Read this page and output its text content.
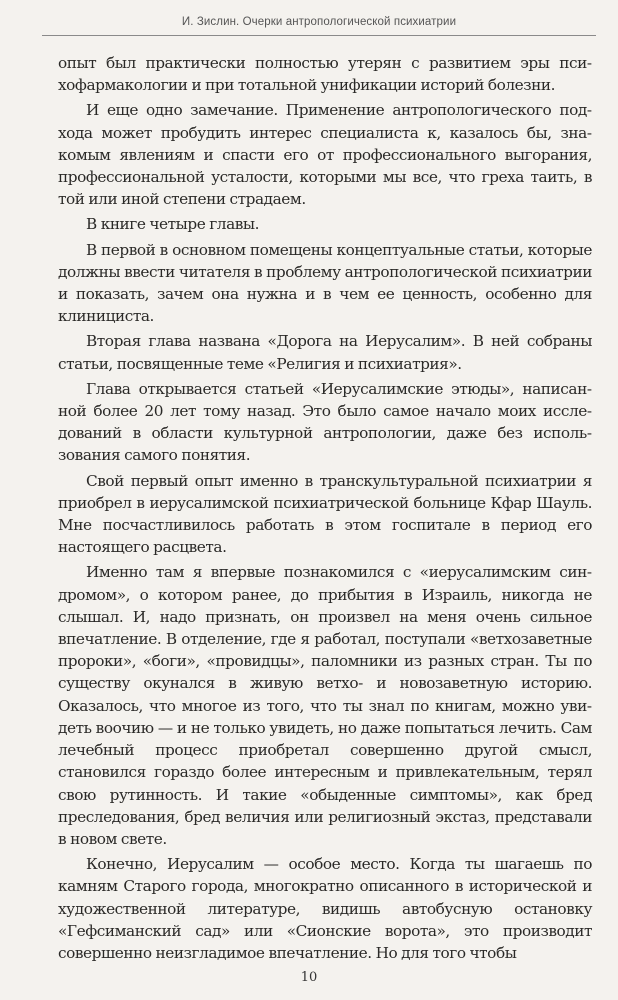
И. Зислин. Очерки антропологической психиатрии

опыт был практически полностью утерян с развитием эры психофармакологии и при тотальной унификации историй болезни.

И еще одно замечание. Применение антропологического подхода может пробудить интерес специалиста к, казалось бы, знакомым явлениям и спасти его от профессионального выгорания, профессиональной усталости, которыми мы все, что греха таить, в той или иной степени страдаем.

В книге четыре главы.

В первой в основном помещены концептуальные статьи, которые должны ввести читателя в проблему антропологической психиатрии и показать, зачем она нужна и в чем ее ценность, особенно для клинициста.

Вторая глава названа «Дорога на Иерусалим». В ней собраны статьи, посвященные теме «Религия и психиатрия».

Глава открывается статьей «Иерусалимские этюды», написанной более 20 лет тому назад. Это было самое начало моих исследований в области культурной антропологии, даже без использования самого понятия.

Свой первый опыт именно в транскультуральной психиатрии я приобрел в иерусалимской психиатрической больнице Кфар Шауль. Мне посчастливилось работать в этом госпитале в период его настоящего расцвета.

Именно там я впервые познакомился с «иерусалимским синдромом», о котором ранее, до прибытия в Израиль, никогда не слышал. И, надо признать, он произвел на меня очень сильное впечатление. В отделение, где я работал, поступали «ветхозаветные пророки», «боги», «провидцы», паломники из разных стран. Ты по существу окунался в живую ветхо- и новозаветную историю. Оказалось, что многое из того, что ты знал по книгам, можно увидеть воочию — и не только увидеть, но даже попытаться лечить. Сам лечебный процесс приобретал совершенно другой смысл, становился гораздо более интересным и привлекательным, терял свою рутинность. И такие «обыденные симптомы», как бред преследования, бред величия или религиозный экстаз, представали в новом свете.

Конечно, Иерусалим — особое место. Когда ты шагаешь по камням Старого города, многократно описанного в исторической и художественной литературе, видишь автобусную остановку «Гефсиманский сад» или «Сионские ворота», это производит совершенно неизгладимое впечатление. Но для того чтобы

10
